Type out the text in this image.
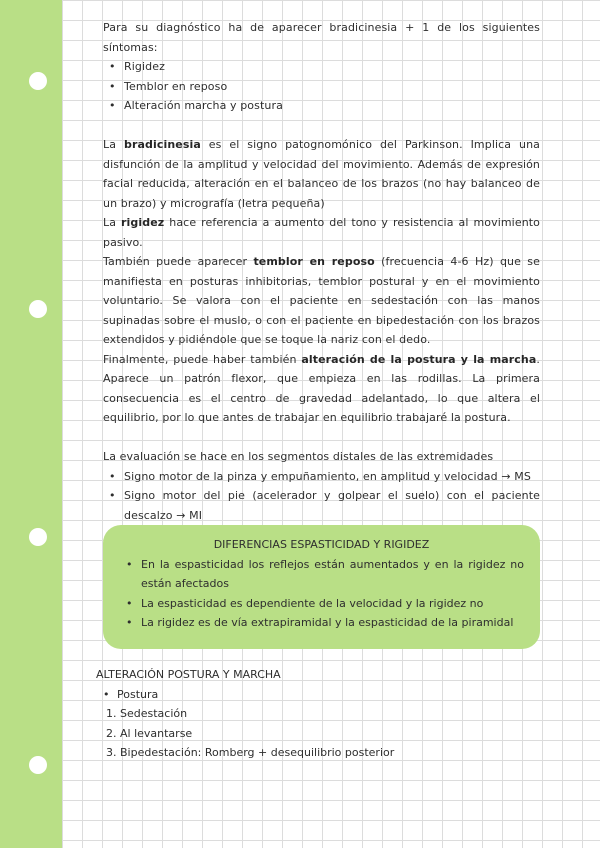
Para su diagnóstico ha de aparecer bradicinesia + 1 de los siguientes síntomas:

• Rigidez
• Temblor en reposo
• Alteración marcha y postura

La bradicinesia es el signo patognomónico del Parkinson. Implica una disfunción de la amplitud y velocidad del movimiento. Además de expresión facial reducida, alteración en el balanceo de los brazos (no hay balanceo de un brazo) y micrografía (letra pequeña)

La rigidez hace referencia a aumento del tono y resistencia al movimiento pasivo.

También puede aparecer temblor en reposo (frecuencia 4-6 Hz) que se manifiesta en posturas inhibitorias, temblor postural y en el movimiento voluntario. Se valora con el paciente en sedestación con las manos supinadas sobre el muslo, o con el paciente en bipedestación con los brazos extendidos y pidiéndole que se toque la nariz con el dedo.

Finalmente, puede haber también alteración de la postura y la marcha. Aparece un patrón flexor, que empieza en las rodillas. La primera consecuencia es el centro de gravedad adelantado, lo que altera el equilibrio, por lo que antes de trabajar en equilibrio trabajaré la postura.

La evaluación se hace en los segmentos distales de las extremidades

• Signo motor de la pinza y empuñamiento, en amplitud y velocidad → MS
• Signo motor del pie (acelerador y golpear el suelo) con el paciente descalzo → MI
DIFERENCIAS ESPASTICIDAD Y RIGIDEZ
• En la espasticidad los reflejos están aumentados y en la rigidez no están afectados
• La espasticidad es dependiente de la velocidad y la rigidez no
• La rigidez es de vía extrapiramidal y la espasticidad de la piramidal
ALTERACIÓN POSTURA Y MARCHA
• Postura
1. Sedestación
2. Al levantarse
3. Bipedestación: Romberg + desequilibrio posterior
